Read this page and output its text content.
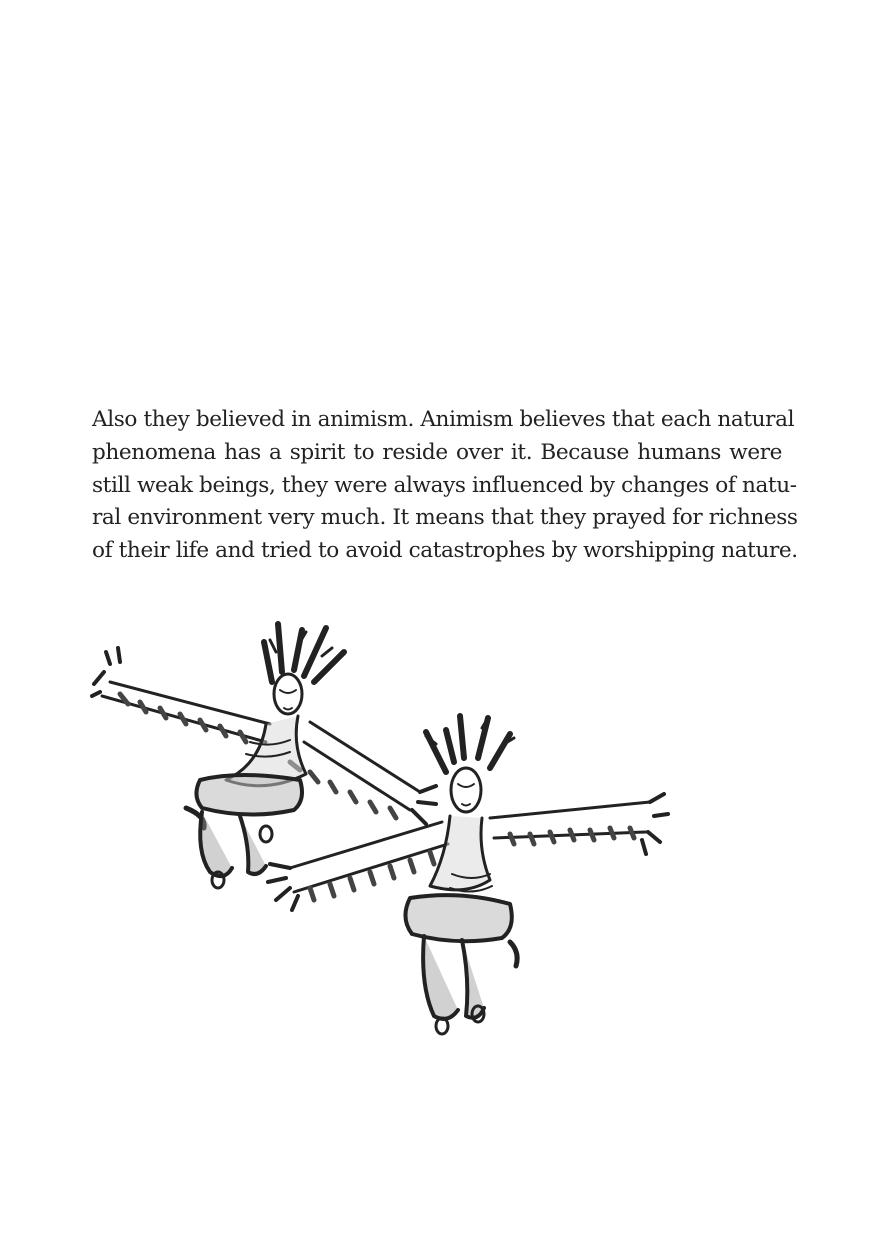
Also they believed in animism. Animism believes that each natural
phenomena has a spirit to reside over it. Because humans were
still weak beings, they were always influenced by changes of natu-
ral environment very much. It means that they prayed for richness
of their life and tried to avoid catastrophes by worshipping nature.
